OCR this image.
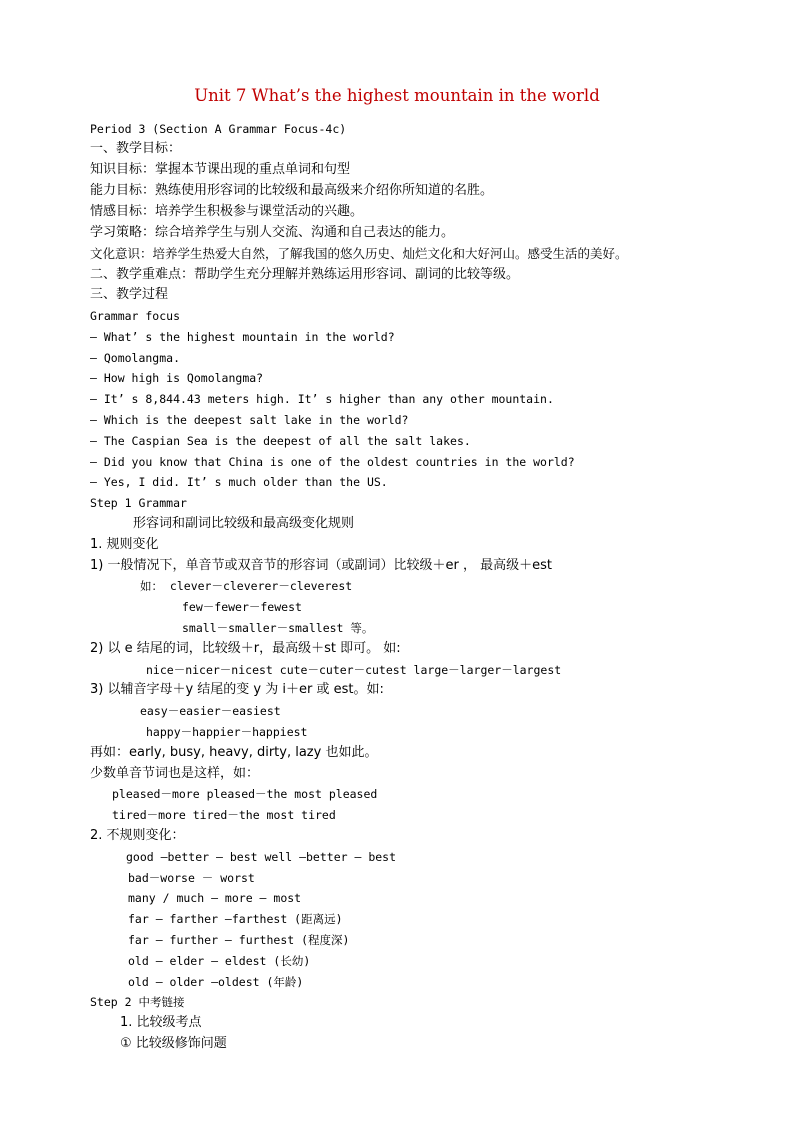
Unit 7 What’s the highest mountain in the world
Period 3 (Section A Grammar Focus-4c)
一、教学目标：
知识目标：掌握本节课出现的重点单词和句型
能力目标：熟练使用形容词的比较级和最高级来介绍你所知道的名胜。
情感目标：培养学生积极参与课堂活动的兴趣。
学习策略：综合培养学生与别人交流、沟通和自己表达的能力。
文化意识：培养学生热爱大自然，了解我国的悠久历史、灿烂文化和大好河山。感受生活的美好。
二、教学重难点：帮助学生充分理解并熟练运用形容词、副词的比较等级。
三、教学过程
Grammar focus
— What’ s the highest mountain in the world?
— Qomolangma.
— How high is Qomolangma?
— It’ s 8,844.43 meters high. It’ s higher than any other mountain.
— Which is the deepest salt lake in the world?
— The Caspian Sea is the deepest of all the salt lakes.
— Did you know that China is one of the oldest countries in the world?
— Yes, I did. It’ s much older than the US.
Step 1 Grammar
形容词和副词比较级和最高级变化规则
1. 规则变化
1) 一般情况下，单音节或双音节的形容词（或副词）比较级＋er ， 最高级＋est
如： clever－cleverer－cleverest
few－fewer－fewest
small－smaller－smallest 等。
2) 以 e 结尾的词，比较级＋r，最高级＋st 即可。 如:
nice－nicer－nicest cute－cuter－cutest large－larger－largest
3) 以辅音字母＋y 结尾的变 y 为 i＋er 或 est。如:
easy－easier－easiest
happy－happier－happiest
再如：early, busy, heavy, dirty, lazy 也如此。
少数单音节词也是这样，如：
pleased－more pleased－the most pleased
tired－more tired－the most tired
2. 不规则变化：
good —better — best well —better — best
bad－worse － worst
many / much — more — most
far — farther —farthest (距离远)
far — further — furthest (程度深)
old — elder — eldest (长幼)
old — older —oldest (年龄)
Step 2 中考链接
1. 比较级考点
① 比较级修饰问题
